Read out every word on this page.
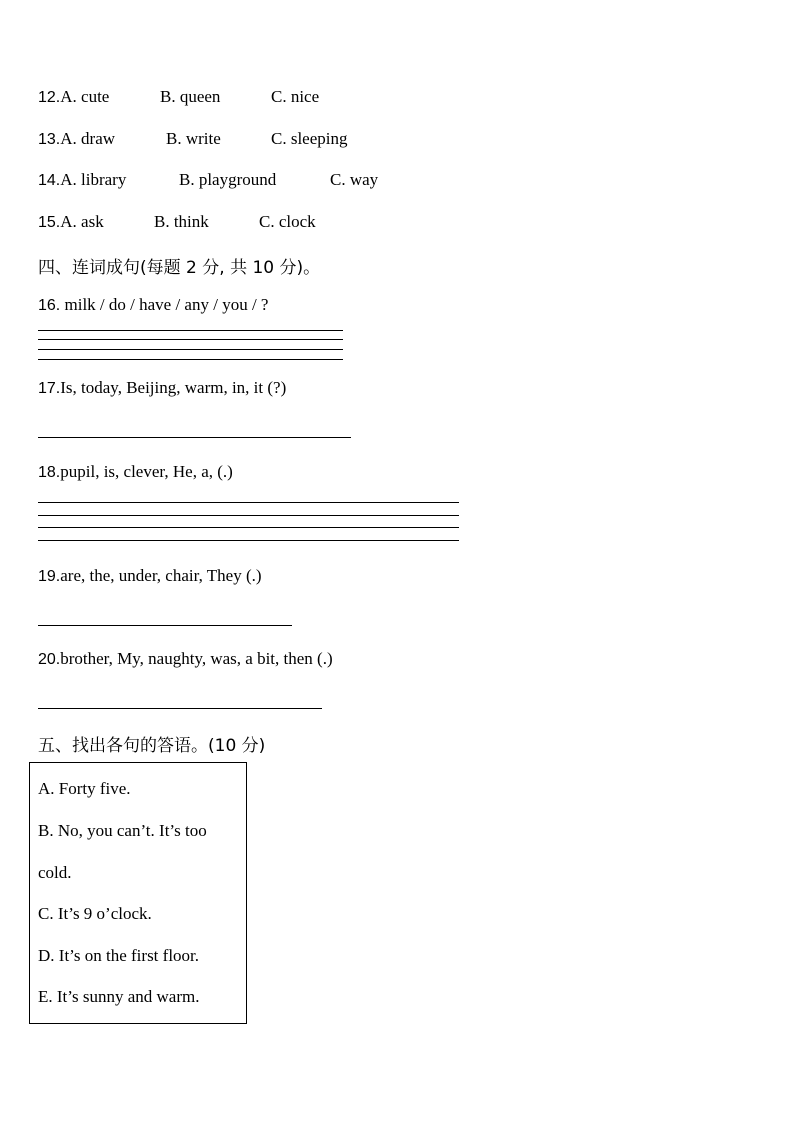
12.A. cute	B. queen	C. nice
13.A. draw	B. write	C. sleeping
14.A. library	B. playground	C. way
15.A. ask	B. think	C. clock
四、连词成句(每题 2 分, 共 10 分)。
16. milk / do / have / any / you / ?
17.Is, today, Beijing, warm, in, it (?)
18.pupil, is, clever, He, a, (.)
19.are, the, under, chair, They (.)
20.brother, My, naughty, was, a bit, then (.)
五、找出各句的答语。(10 分)
A. Forty five.
B. No, you can’t. It’s too
cold.
C. It’s 9 o’clock.
D. It’s on the first floor.
E. It’s sunny and warm.
